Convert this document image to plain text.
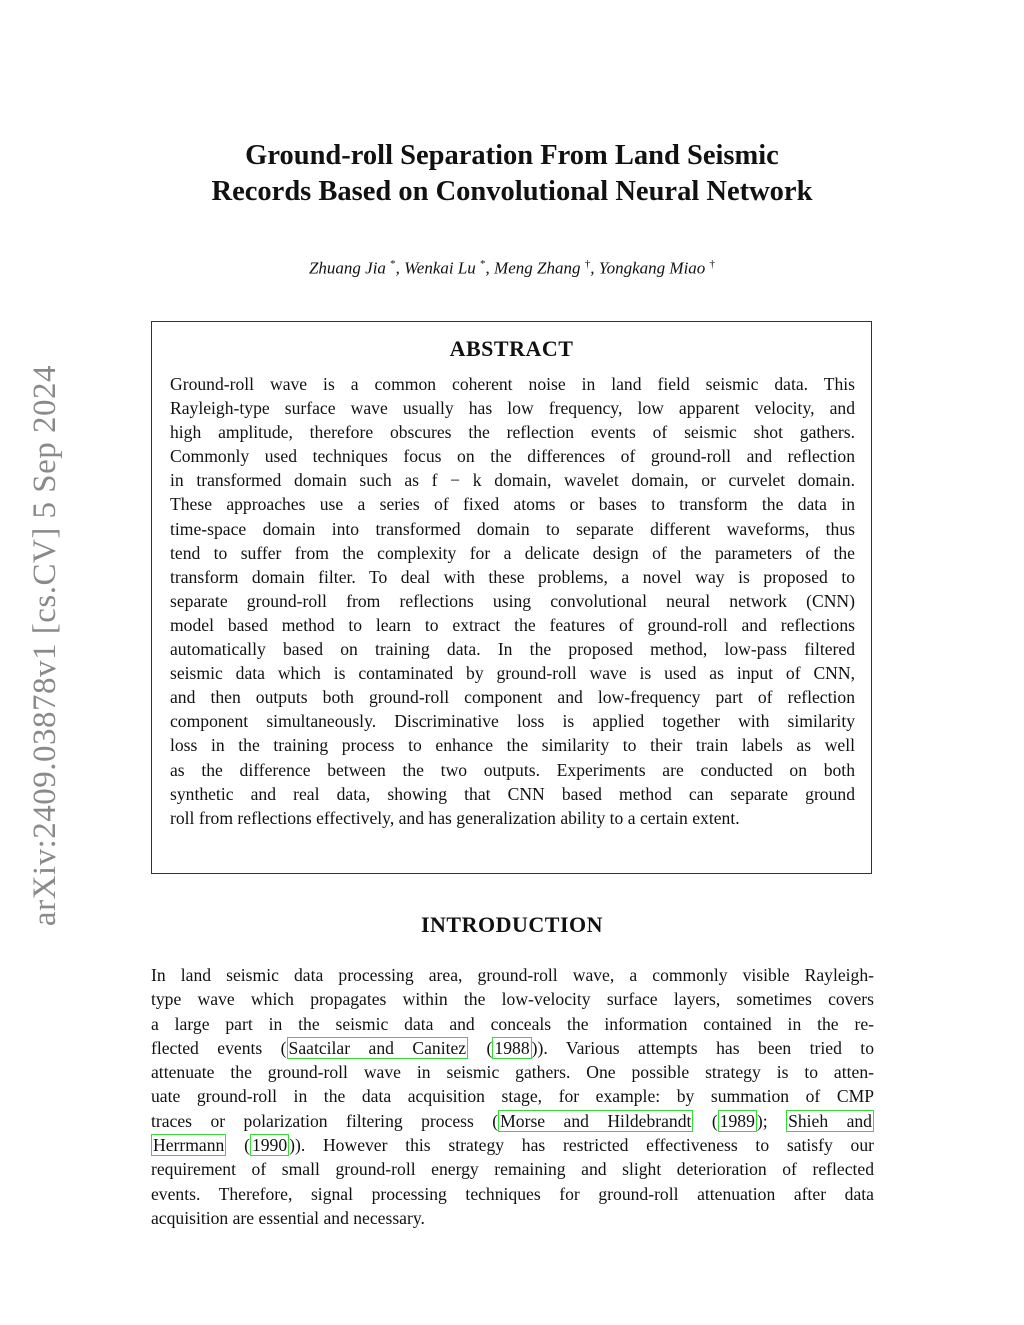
arXiv:2409.03878v1 [cs.CV] 5 Sep 2024
Ground-roll Separation From Land Seismic
Records Based on Convolutional Neural Network
Zhuang Jia *, Wenkai Lu *, Meng Zhang †, Yongkang Miao †
ABSTRACT
Ground-roll wave is a common coherent noise in land field seismic data. This
Rayleigh-type surface wave usually has low frequency, low apparent velocity, and
high amplitude, therefore obscures the reflection events of seismic shot gathers.
Commonly used techniques focus on the differences of ground-roll and reflection
in transformed domain such as f − k domain, wavelet domain, or curvelet domain.
These approaches use a series of fixed atoms or bases to transform the data in
time-space domain into transformed domain to separate different waveforms, thus
tend to suffer from the complexity for a delicate design of the parameters of the
transform domain filter. To deal with these problems, a novel way is proposed to
separate ground-roll from reflections using convolutional neural network (CNN)
model based method to learn to extract the features of ground-roll and reflections
automatically based on training data. In the proposed method, low-pass filtered
seismic data which is contaminated by ground-roll wave is used as input of CNN,
and then outputs both ground-roll component and low-frequency part of reflection
component simultaneously. Discriminative loss is applied together with similarity
loss in the training process to enhance the similarity to their train labels as well
as the difference between the two outputs. Experiments are conducted on both
synthetic and real data, showing that CNN based method can separate ground
roll from reflections effectively, and has generalization ability to a certain extent.
INTRODUCTION
In land seismic data processing area, ground-roll wave, a commonly visible Rayleigh-
type wave which propagates within the low-velocity surface layers, sometimes covers
a large part in the seismic data and conceals the information contained in the re-
flected events ( Saatcilar and Canitez ( 1988 )). Various attempts has been tried to
attenuate the ground-roll wave in seismic gathers. One possible strategy is to atten-
uate ground-roll in the data acquisition stage, for example: by summation of CMP
traces or polarization filtering process ( Morse and Hildebrandt ( 1989 ); Shieh and
Herrmann ( 1990 )). However this strategy has restricted effectiveness to satisfy our
requirement of small ground-roll energy remaining and slight deterioration of reflected
events. Therefore, signal processing techniques for ground-roll attenuation after data
acquisition are essential and necessary.
